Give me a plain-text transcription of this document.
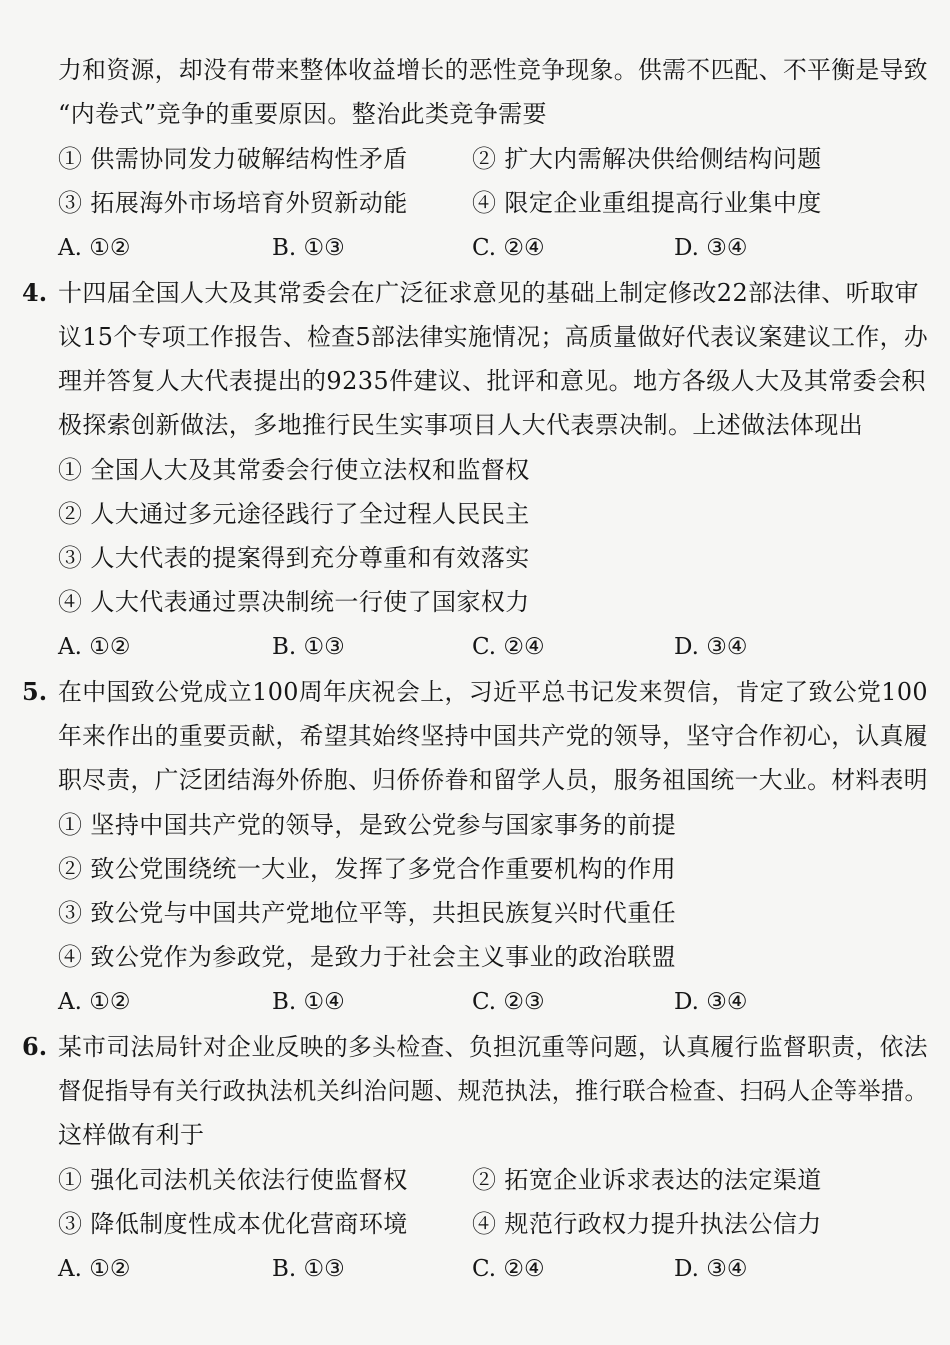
力和资源，却没有带来整体收益增长的恶性竞争现象。供需不匹配、不平衡是导致
“内卷式”竞争的重要原因。整治此类竞争需要
① 供需协同发力破解结构性矛盾	② 扩大内需解决供给侧结构问题
③ 拓展海外市场培育外贸新动能	④ 限定企业重组提高行业集中度
A. ①②	B. ①③	C. ②④	D. ③④
4. 十四届全国人大及其常委会在广泛征求意见的基础上制定修改22部法律、听取审
议15个专项工作报告、检查5部法律实施情况；高质量做好代表议案建议工作，办
理并答复人大代表提出的9235件建议、批评和意见。地方各级人大及其常委会积
极探索创新做法，多地推行民生实事项目人大代表票决制。上述做法体现出
① 全国人大及其常委会行使立法权和监督权
② 人大通过多元途径践行了全过程人民民主
③ 人大代表的提案得到充分尊重和有效落实
④ 人大代表通过票决制统一行使了国家权力
A. ①②	B. ①③	C. ②④	D. ③④
5. 在中国致公党成立100周年庆祝会上，习近平总书记发来贺信，肯定了致公党100
年来作出的重要贡献，希望其始终坚持中国共产党的领导，坚守合作初心，认真履
职尽责，广泛团结海外侨胞、归侨侨眷和留学人员，服务祖国统一大业。材料表明
① 坚持中国共产党的领导，是致公党参与国家事务的前提
② 致公党围绕统一大业，发挥了多党合作重要机构的作用
③ 致公党与中国共产党地位平等，共担民族复兴时代重任
④ 致公党作为参政党，是致力于社会主义事业的政治联盟
A. ①②	B. ①④	C. ②③	D. ③④
6. 某市司法局针对企业反映的多头检查、负担沉重等问题，认真履行监督职责，依法
督促指导有关行政执法机关纠治问题、规范执法，推行联合检查、扫码人企等举措。
这样做有利于
① 强化司法机关依法行使监督权	② 拓宽企业诉求表达的法定渠道
③ 降低制度性成本优化营商环境	④ 规范行政权力提升执法公信力
A. ①②	B. ①③	C. ②④	D. ③④
